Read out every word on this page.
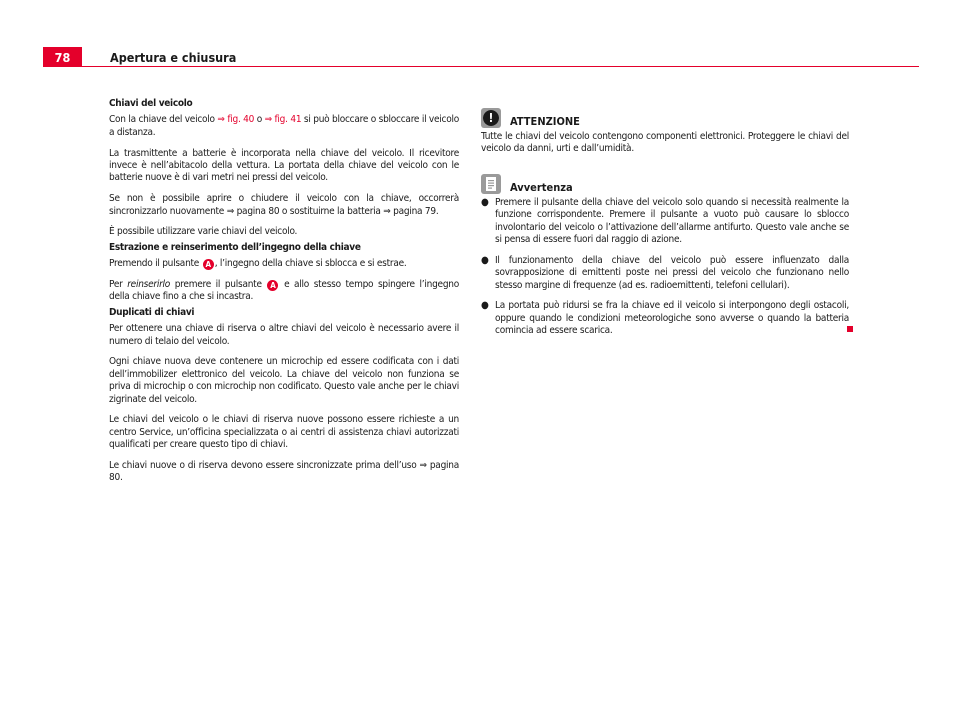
78	Apertura e chiusura
Chiavi del veicolo

Con la chiave del veicolo ⇒ fig. 40 o ⇒ fig. 41 si può bloccare o sbloccare il veicolo a distanza.

La trasmittente a batterie è incorporata nella chiave del veicolo. Il ricevitore invece è nell’abitacolo della vettura. La portata della chiave del veicolo con le batterie nuove è di vari metri nei pressi del veicolo.

Se non è possibile aprire o chiudere il veicolo con la chiave, occorrerà sincronizzarlo nuovamente ⇒ pagina 80 o sostituirne la batteria ⇒ pagina 79.

È possibile utilizzare varie chiavi del veicolo.

Estrazione e reinserimento dell’ingegno della chiave

Premendo il pulsante A , l’ingegno della chiave si sblocca e si estrae.

Per reinserirlo premere il pulsante A e allo stesso tempo spingere l’ingegno della chiave fino a che si incastra.

Duplicati di chiavi

Per ottenere una chiave di riserva o altre chiavi del veicolo è necessario avere il numero di telaio del veicolo.

Ogni chiave nuova deve contenere un microchip ed essere codificata con i dati dell’immobilizer elettronico del veicolo. La chiave del veicolo non funziona se priva di microchip o con microchip non codificato. Questo vale anche per le chiavi zigrinate del veicolo.

Le chiavi del veicolo o le chiavi di riserva nuove possono essere richieste a un centro Service, un’officina specializzata o ai centri di assistenza chiavi autorizzati qualificati per creare questo tipo di chiavi.

Le chiavi nuove o di riserva devono essere sincronizzate prima dell’uso ⇒ pagina 80.

!	ATTENZIONE

Tutte le chiavi del veicolo contengono componenti elettronici. Proteggere le chiavi del veicolo da danni, urti e dall’umidità.

Avvertenza
● Premere il pulsante della chiave del veicolo solo quando si necessità realmente la funzione corrispondente. Premere il pulsante a vuoto può causare lo sblocco involontario del veicolo o l’attivazione dell’allarme antifurto. Questo vale anche se si pensa di essere fuori dal raggio di azione.
● Il funzionamento della chiave del veicolo può essere influenzato dalla sovrapposizione di emittenti poste nei pressi del veicolo che funzionano nello stesso margine di frequenze (ad es. radioemittenti, telefoni cellulari).
● La portata può ridursi se fra la chiave ed il veicolo si interpongono degli ostacoli, oppure quando le condizioni meteorologiche sono avverse o quando la batteria comincia ad essere scarica.
